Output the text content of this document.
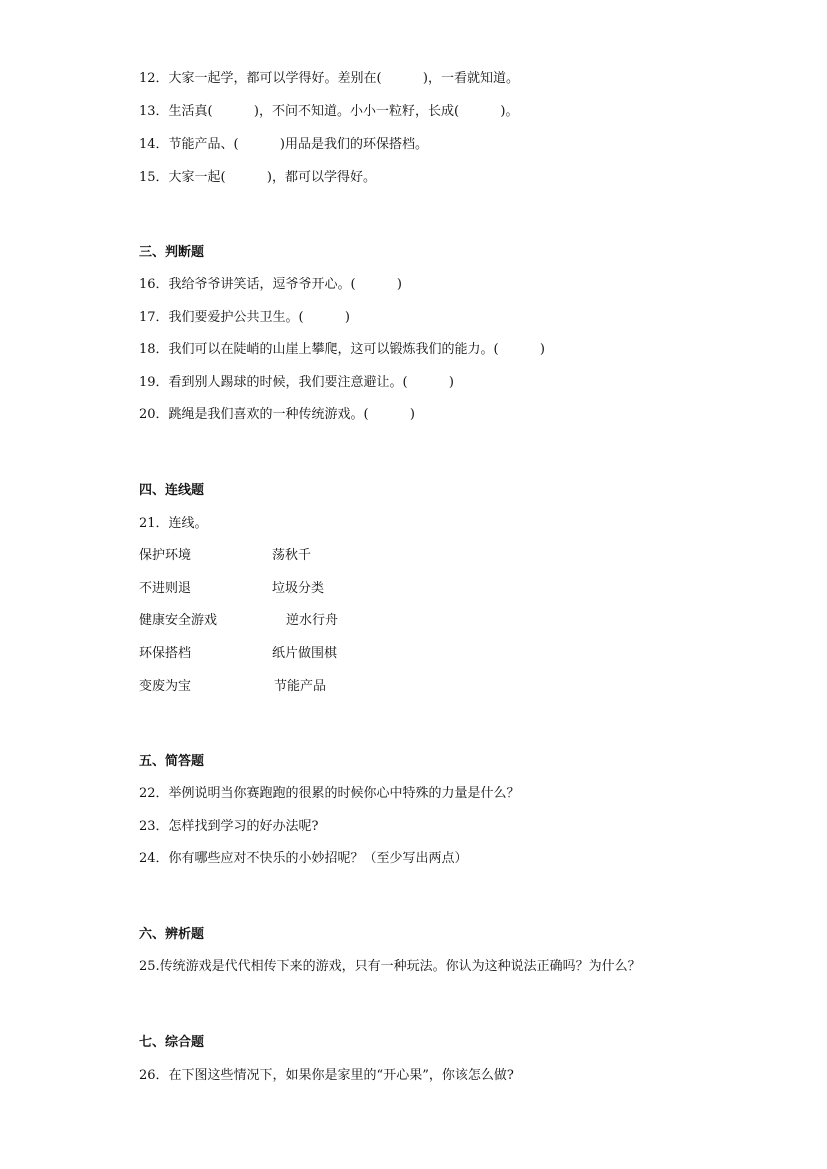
12．大家一起学，都可以学得好。差别在(          )，一看就知道。
13．生活真(          )，不问不知道。小小一粒籽，长成(          )。
14．节能产品、(          )用品是我们的环保搭档。
15．大家一起(          )，都可以学得好。
三、判断题
16．我给爷爷讲笑话，逗爷爷开心。(          )
17．我们要爱护公共卫生。(          )
18．我们可以在陡峭的山崖上攀爬，这可以锻炼我们的能力。(          )
19．看到别人踢球的时候，我们要注意避让。(          )
20．跳绳是我们喜欢的一种传统游戏。(          )
四、连线题
21．连线。
保护环境	荡秋千
不进则退	垃圾分类
健康安全游戏	逆水行舟
环保搭档	纸片做围棋
变废为宝	节能产品
五、简答题
22．举例说明当你赛跑跑的很累的时候你心中特殊的力量是什么？
23．怎样找到学习的好办法呢?
24．你有哪些应对不快乐的小妙招呢？（至少写出两点）
六、辨析题
25.传统游戏是代代相传下来的游戏，只有一种玩法。你认为这种说法正确吗？为什么？
七、综合题
26．在下图这些情况下，如果你是家里的“开心果”，你该怎么做?
